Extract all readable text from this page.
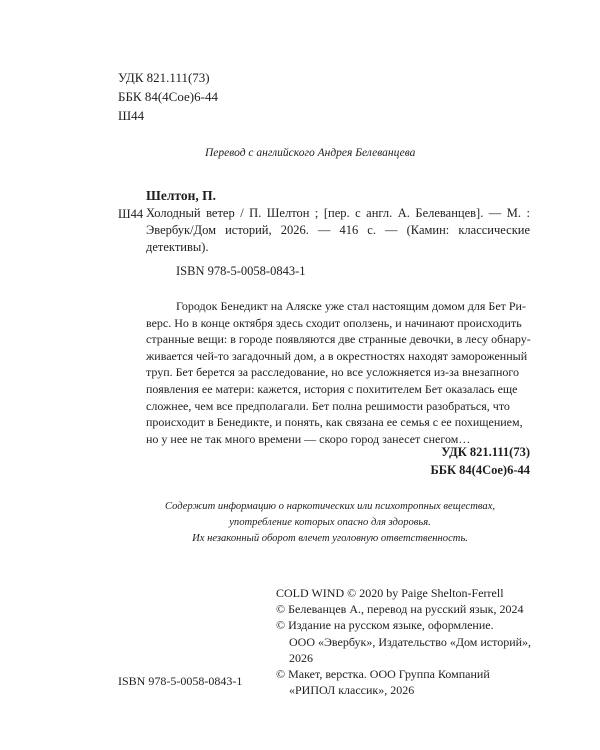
УДК 821.111(73)
ББК 84(4Сое)6-44
Ш44
Перевод с английского Андрея Белеванцева
Шелтон, П.
Ш44 Холодный ветер / П. Шелтон ; [пер. с англ. А. Белеванцев]. — М. : Эвербук/Дом историй, 2026. — 416 с. — (Камин: классические детективы).
ISBN 978-5-0058-0843-1
Городок Бенедикт на Аляске уже стал настоящим домом для Бет Ри-
верс. Но в конце октября здесь сходит оползень, и начинают происходить
странные вещи: в городе появляются две странные девочки, в лесу обнару-
живается чей-то загадочный дом, а в окрестностях находят замороженный
труп. Бет берется за расследование, но все усложняется из-за внезапного
появления ее матери: кажется, история с похитителем Бет оказалась еще
сложнее, чем все предполагали. Бет полна решимости разобраться, что
происходит в Бенедикте, и понять, как связана ее семья с ее похищением,
но у нее не так много времени — скоро город занесет снегом…
УДК 821.111(73)
ББК 84(4Сое)6-44
Содержит информацию о наркотических или психотропных веществах,
употребление которых опасно для здоровья.
Их незаконный оборот влечет уголовную ответственность.
COLD WIND © 2020 by Paige Shelton-Ferrell
© Белеванцев А., перевод на русский язык, 2024
© Издание на русском языке, оформление.
ООО «Эвербук», Издательство «Дом историй»,
2026
© Макет, верстка. ООО Группа Компаний
«РИПОЛ классик», 2026
ISBN 978-5-0058-0843-1
